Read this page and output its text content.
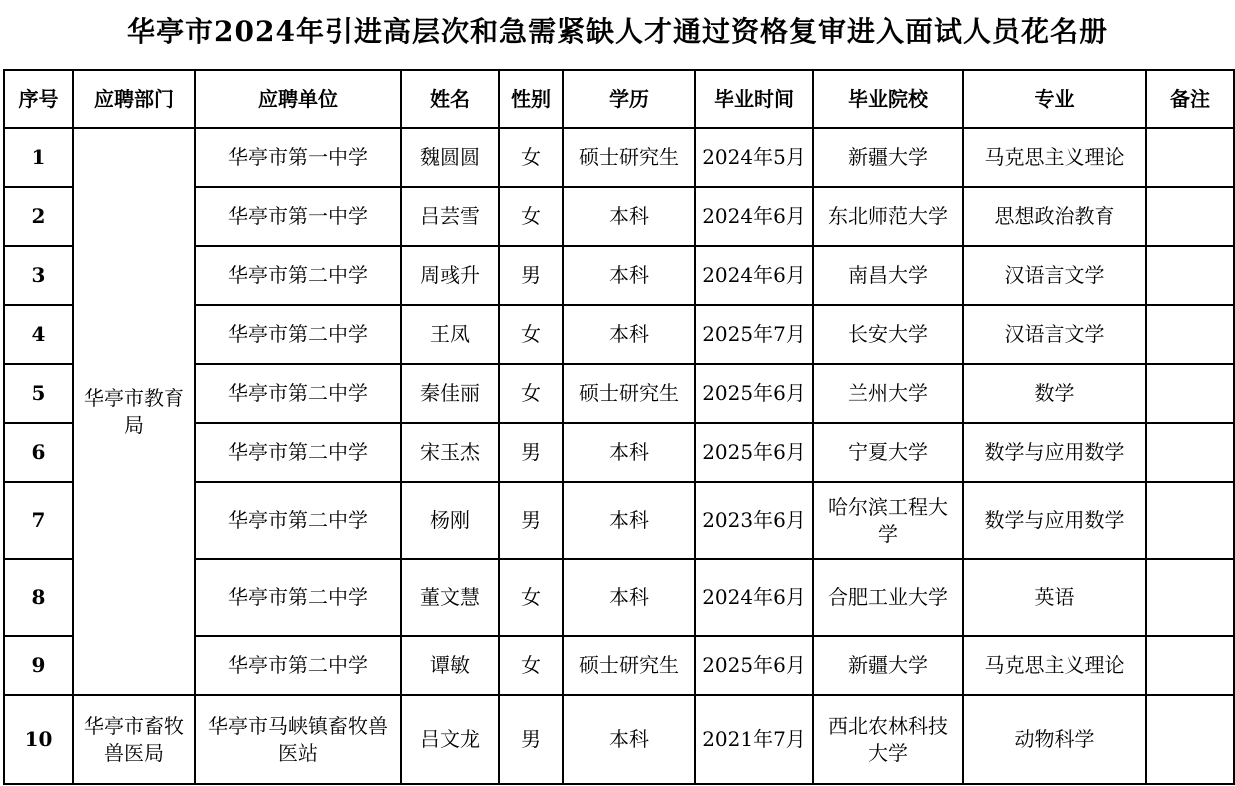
华亭市2024年引进高层次和急需紧缺人才通过资格复审进入面试人员花名册
序号	应聘部门	应聘单位	姓名	性别	学历	毕业时间	毕业院校	专业	备注
1	华亭市教育局	华亭市第一中学	魏圆圆	女	硕士研究生	2024年5月	新疆大学	马克思主义理论	
2		华亭市第一中学	吕芸雪	女	本科	2024年6月	东北师范大学	思想政治教育	
3		华亭市第二中学	周彧升	男	本科	2024年6月	南昌大学	汉语言文学	
4		华亭市第二中学	王凤	女	本科	2025年7月	长安大学	汉语言文学	
5		华亭市第二中学	秦佳丽	女	硕士研究生	2025年6月	兰州大学	数学	
6		华亭市第二中学	宋玉杰	男	本科	2025年6月	宁夏大学	数学与应用数学	
7		华亭市第二中学	杨刚	男	本科	2023年6月	哈尔滨工程大学	数学与应用数学	
8		华亭市第二中学	董文慧	女	本科	2024年6月	合肥工业大学	英语	
9		华亭市第二中学	谭敏	女	硕士研究生	2025年6月	新疆大学	马克思主义理论	
10	华亭市畜牧兽医局	华亭市马峡镇畜牧兽医站	吕文龙	男	本科	2021年7月	西北农林科技大学	动物科学	
